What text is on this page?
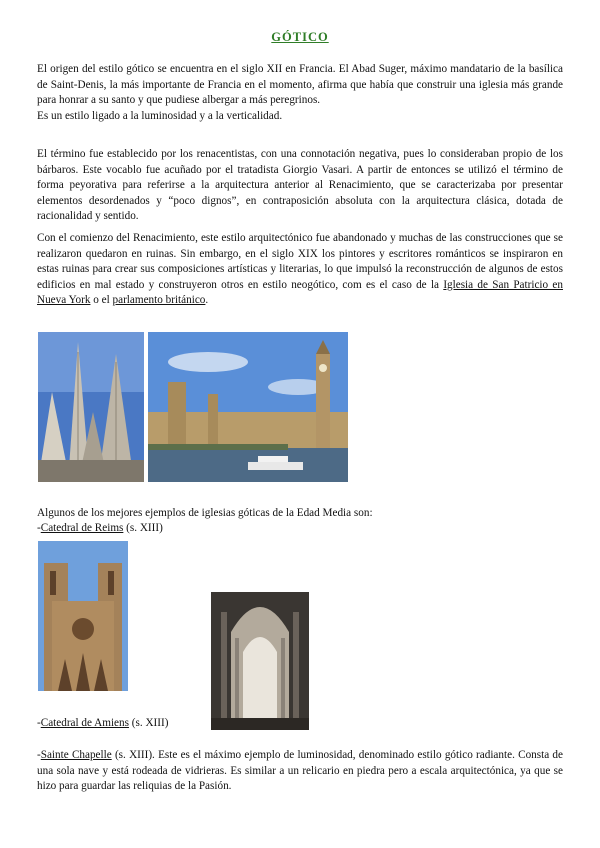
GÓTICO

El origen del estilo gótico se encuentra en el siglo XII en Francia. El Abad Suger, máximo mandatario de la basílica de Saint-Denis, la más importante de Francia en el momento, afirma que había que construir una iglesia más grande para honrar a su santo y que pudiese albergar a más peregrinos.
Es un estilo ligado a la luminosidad y a la verticalidad.

El término fue establecido por los renacentistas, con una connotación negativa, pues lo consideraban propio de los bárbaros. Este vocablo fue acuñado por el tratadista Giorgio Vasari. A partir de entonces se utilizó el término de forma peyorativa para referirse a la arquitectura anterior al Renacimiento, que se caracterizaba por presentar elementos desordenados y “poco dignos”, en contraposición absoluta con la arquitectura clásica, dotada de racionalidad y sentido.

Con el comienzo del Renacimiento, este estilo arquitectónico fue abandonado y muchas de las construcciones que se realizaron quedaron en ruinas. Sin embargo, en el siglo XIX los pintores y escritores románticos se inspiraron en estas ruinas para crear sus composiciones artísticas y literarias, lo que impulsó la reconstrucción de algunos de estos edificios en mal estado y construyeron otros en estilo neogótico, com es el caso de la Iglesia de San Patricio en Nueva York o el parlamento británico.

Algunos de los mejores ejemplos de iglesias góticas de la Edad Media son:
-Catedral de Reims (s. XIII)
-Catedral de Amiens (s. XIII)

-Sainte Chapelle (s. XIII). Este es el máximo ejemplo de luminosidad, denominado estilo gótico radiante. Consta de una sola nave y está rodeada de vidrieras. Es similar a un relicario en piedra pero a escala arquitectónica, ya que se hizo para guardar las reliquias de la Pasión.
